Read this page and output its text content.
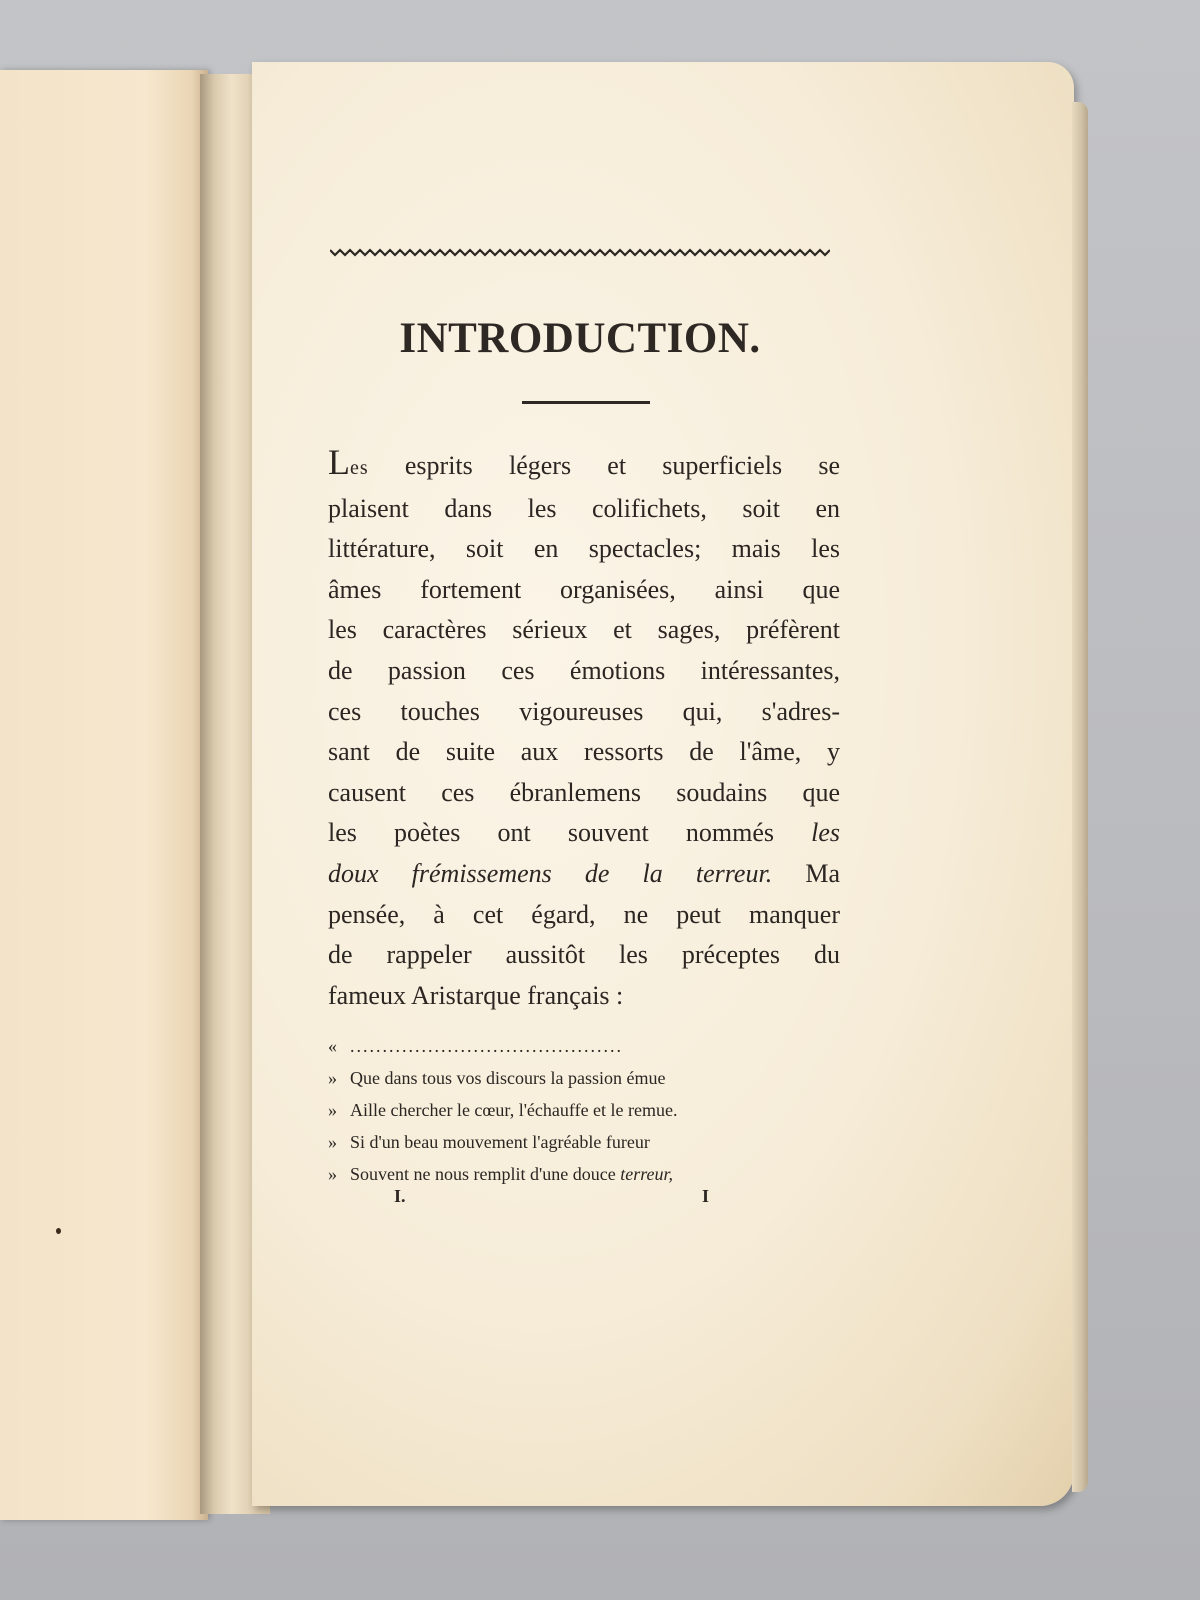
INTRODUCTION.
Les esprits légers et superficiels se
plaisent dans les colifichets, soit en
littérature, soit en spectacles; mais les
âmes fortement organisées, ainsi que
les caractères sérieux et sages, préfèrent
de passion ces émotions intéressantes,
ces touches vigoureuses qui, s'adres-
sant de suite aux ressorts de l'âme, y
causent ces ébranlemens soudains que
les poètes ont souvent nommés les
doux frémissemens de la terreur. Ma
pensée, à cet égard, ne peut manquer
de rappeler aussitôt les préceptes du
fameux Aristarque français :
« ..........................................
» Que dans tous vos discours la passion émue
» Aille chercher le cœur, l'échauffe et le remue.
» Si d'un beau mouvement l'agréable fureur
» Souvent ne nous remplit d'une douce terreur,
I.	I
